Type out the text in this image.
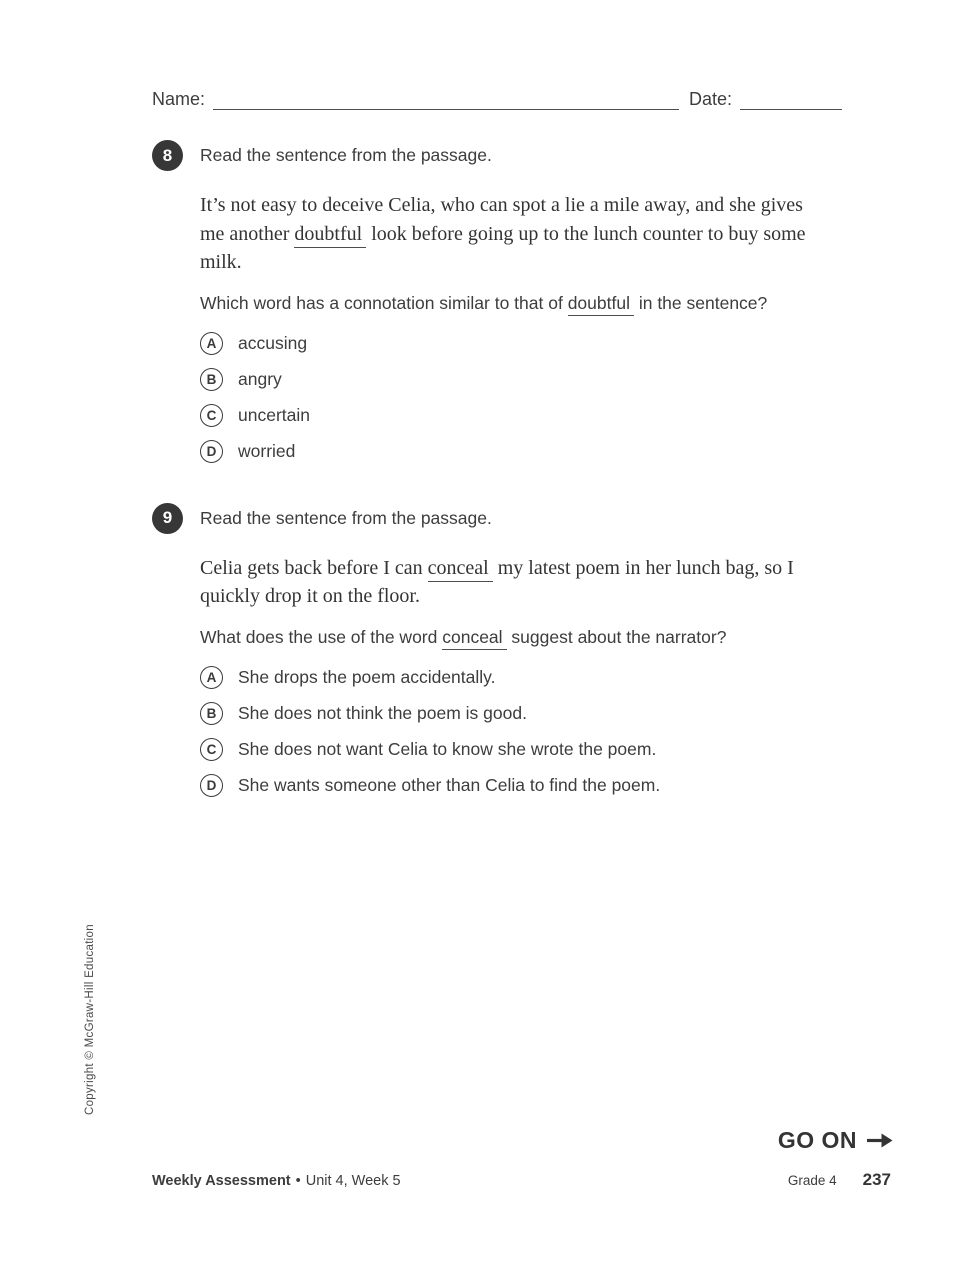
Name:	Date:
8	Read the sentence from the passage.

It’s not easy to deceive Celia, who can spot a lie a mile away, and she gives me another doubtful look before going up to the lunch counter to buy some milk.

Which word has a connotation similar to that of doubtful in the sentence?

A	accusing
B	angry
C	uncertain
D	worried
9	Read the sentence from the passage.

Celia gets back before I can conceal my latest poem in her lunch bag, so I quickly drop it on the floor.

What does the use of the word conceal suggest about the narrator?

A	She drops the poem accidentally.
B	She does not think the poem is good.
C	She does not want Celia to know she wrote the poem.
D	She wants someone other than Celia to find the poem.
Copyright © McGraw-Hill Education
GO ON
Weekly Assessment • Unit 4, Week 5	Grade 4 237
